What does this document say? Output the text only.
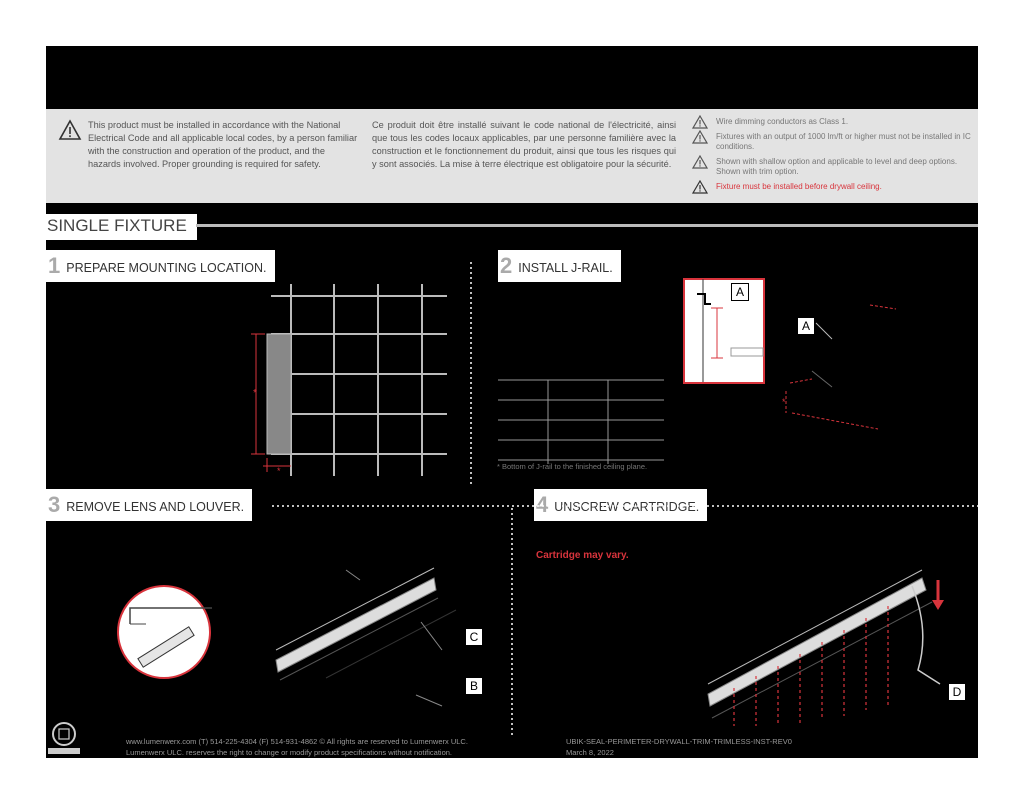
This product must be installed in accordance with the National Electrical Code and all applicable local codes, by a person familiar with the construction and operation of the product, and the hazards involved. Proper grounding is required for safety.
Ce produit doit être installé suivant le code national de l'électricité, ainsi que tous les codes locaux applicables, par une personne familière avec la construction et le fonctionnement du produit, ainsi que tous les risques qui y sont associés. La mise à terre électrique est obligatoire pour la sécurité.
Wire dimming conductors as Class 1.
Fixtures with an output of 1000 lm/ft or higher must not be installed in IC conditions.
Shown with shallow option and applicable to level and deep options. Shown with trim option.
Fixture must be installed before drywall ceiling.
SINGLE FIXTURE
1 PREPARE MOUNTING LOCATION.	2 INSTALL J-RAIL.
3 REMOVE LENS AND LOUVER.	4 UNSCREW CARTRIDGE.
*
*	* Bottom of J-rail to the finished ceiling plane.
*
Cartridge may vary.
A
A
C
B	D
www.lumenwerx.com (T) 514-225-4304 (F) 514-931-4862 © All rights are reserved to Lumenwerx ULC.
Lumenwerx ULC. reserves the right to change or modify product specifications without notification.
UBIK-SEAL-PERIMETER-DRYWALL-TRIM-TRIMLESS-INST-REV0
March 8, 2022
